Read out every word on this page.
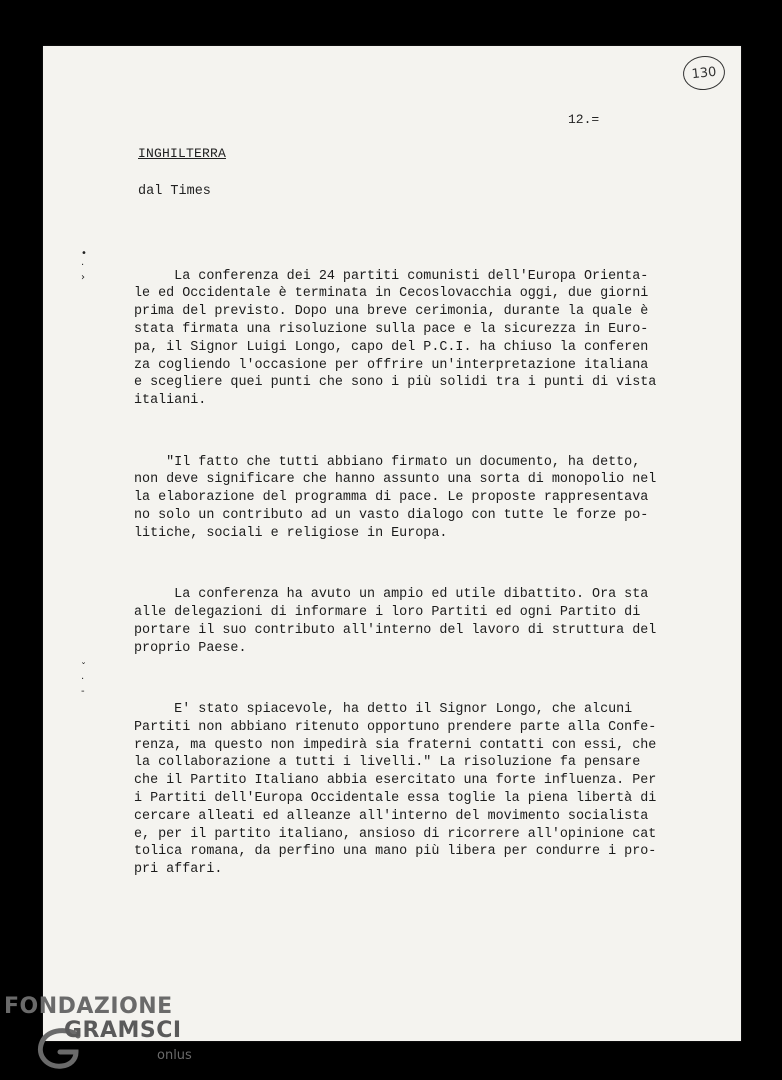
130
12.=
INGHILTERRA
dal Times

La conferenza dei 24 partiti comunisti dell'Europa Orienta-
le ed Occidentale è terminata in Cecoslovacchia oggi, due giorni
prima del previsto. Dopo una breve cerimonia, durante la quale è
stata firmata una risoluzione sulla pace e la sicurezza in Euro-
pa, il Signor Luigi Longo, capo del P.C.I. ha chiuso la conferen
za cogliendo l'occasione per offrire un'interpretazione italiana
e scegliere quei punti che sono i più solidi tra i punti di vista
italiani.

"Il fatto che tutti abbiano firmato un documento, ha detto,
non deve significare che hanno assunto una sorta di monopolio nel
la elaborazione del programma di pace. Le proposte rappresentava
no solo un contributo ad un vasto dialogo con tutte le forze po-
litiche, sociali e religiose in Europa.

La conferenza ha avuto un ampio ed utile dibattito. Ora sta
alle delegazioni di informare i loro Partiti ed ogni Partito di
portare il suo contributo all'interno del lavoro di struttura del
proprio Paese.

E' stato spiacevole, ha detto il Signor Longo, che alcuni
Partiti non abbiano ritenuto opportuno prendere parte alla Confe-
renza, ma questo non impedirà sia fraterni contatti con essi, che
la collaborazione a tutti i livelli." La risoluzione fa pensare
che il Partito Italiano abbia esercitato una forte influenza. Per
i Partiti dell'Europa Occidentale essa toglie la piena libertà di
cercare alleati ed alleanze all'interno del movimento socialista
e, per il partito italiano, ansioso di ricorrere all'opinione cat
tolica romana, da perfino una mano più libera per condurre i pro-
pri affari.

•
·
›
ˇ
·
-
FONDAZIONE
GRAMSCI
onlus
